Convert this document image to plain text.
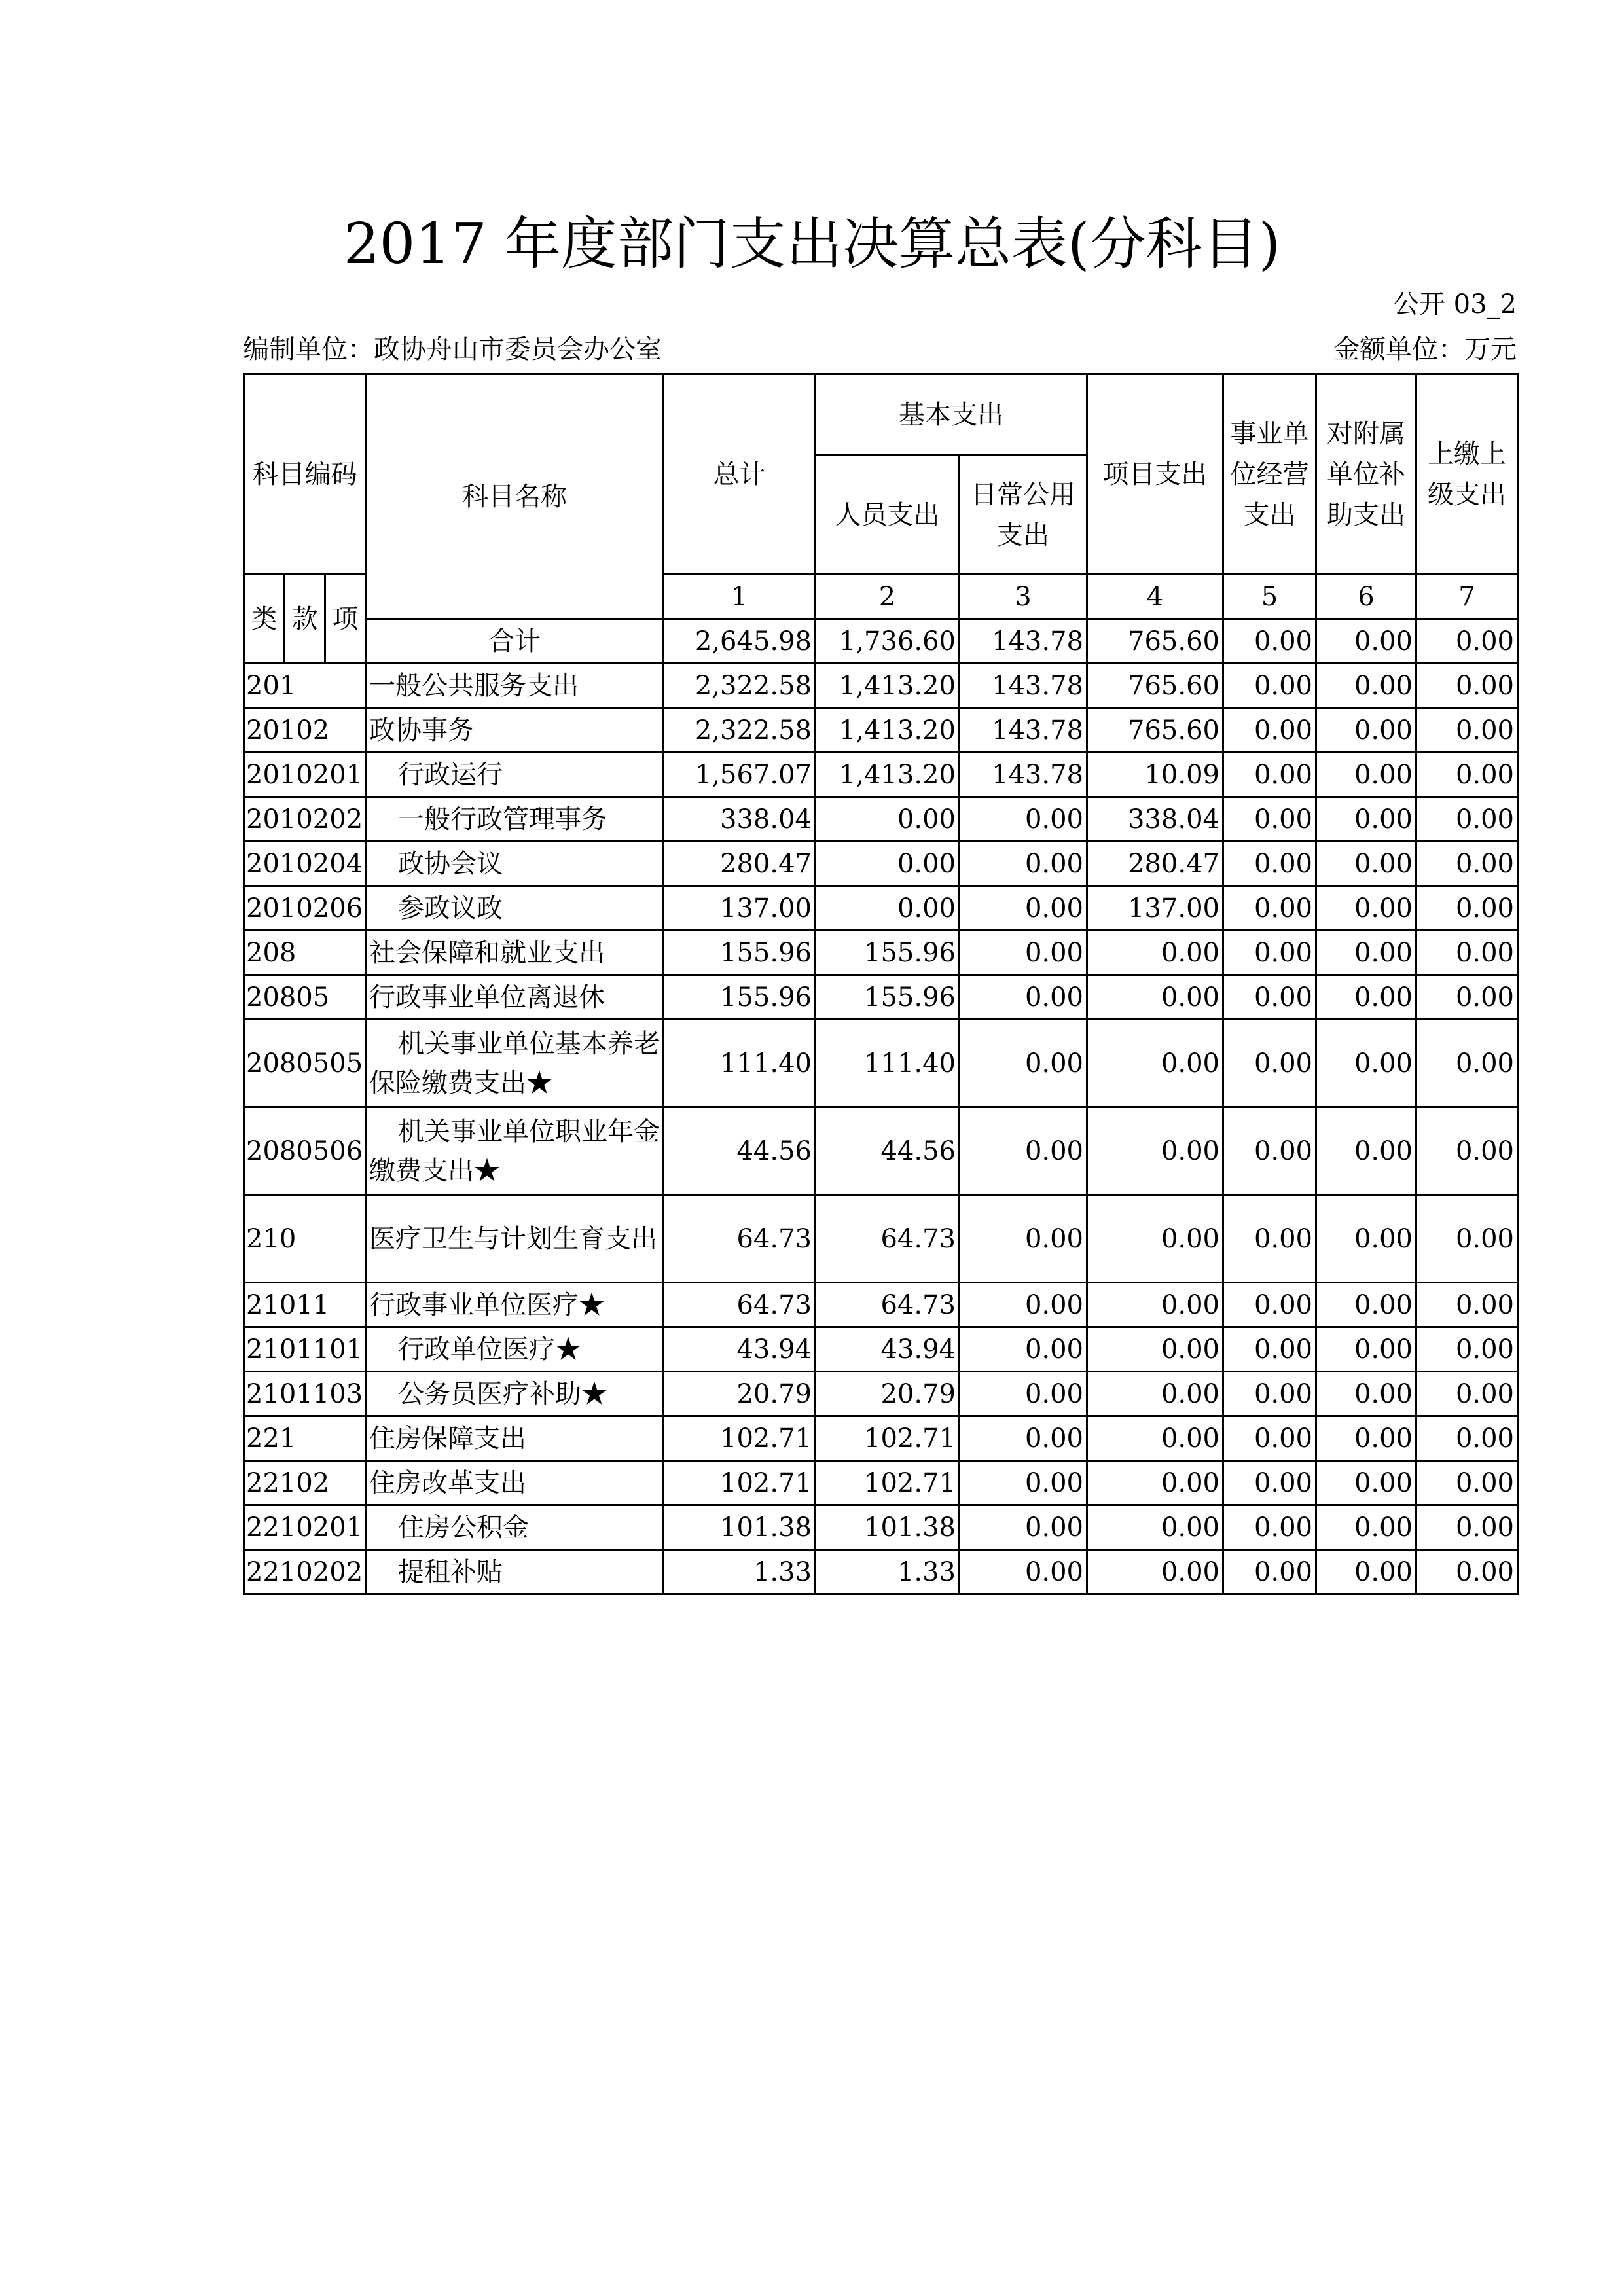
2017 年度部门支出决算总表(分科目)
公开 03_2
编制单位：政协舟山市委员会办公室	金额单位：万元
科目编码			科目名称	总计	基本支出		项目支出	事业单位经营支出	对附属单位补助支出	上缴上级支出
					人员支出	日常公用支出				
类	款	项		1	2	3	4	5	6	7
			合计	2,645.98	1,736.60	143.78	765.60	0.00	0.00	0.00
201			一般公共服务支出	2,322.58	1,413.20	143.78	765.60	0.00	0.00	0.00
20102			政协事务	2,322.58	1,413.20	143.78	765.60	0.00	0.00	0.00
2010201			行政运行	1,567.07	1,413.20	143.78	10.09	0.00	0.00	0.00
2010202			一般行政管理事务	338.04	0.00	0.00	338.04	0.00	0.00	0.00
2010204			政协会议	280.47	0.00	0.00	280.47	0.00	0.00	0.00
2010206			参政议政	137.00	0.00	0.00	137.00	0.00	0.00	0.00
208			社会保障和就业支出	155.96	155.96	0.00	0.00	0.00	0.00	0.00
20805			行政事业单位离退休	155.96	155.96	0.00	0.00	0.00	0.00	0.00
2080505			机关事业单位基本养老保险缴费支出★	111.40	111.40	0.00	0.00	0.00	0.00	0.00
2080506			机关事业单位职业年金缴费支出★	44.56	44.56	0.00	0.00	0.00	0.00	0.00
210			医疗卫生与计划生育支出	64.73	64.73	0.00	0.00	0.00	0.00	0.00
21011			行政事业单位医疗★	64.73	64.73	0.00	0.00	0.00	0.00	0.00
2101101			行政单位医疗★	43.94	43.94	0.00	0.00	0.00	0.00	0.00
2101103			公务员医疗补助★	20.79	20.79	0.00	0.00	0.00	0.00	0.00
221			住房保障支出	102.71	102.71	0.00	0.00	0.00	0.00	0.00
22102			住房改革支出	102.71	102.71	0.00	0.00	0.00	0.00	0.00
2210201			住房公积金	101.38	101.38	0.00	0.00	0.00	0.00	0.00
2210202			提租补贴	1.33	1.33	0.00	0.00	0.00	0.00	0.00
